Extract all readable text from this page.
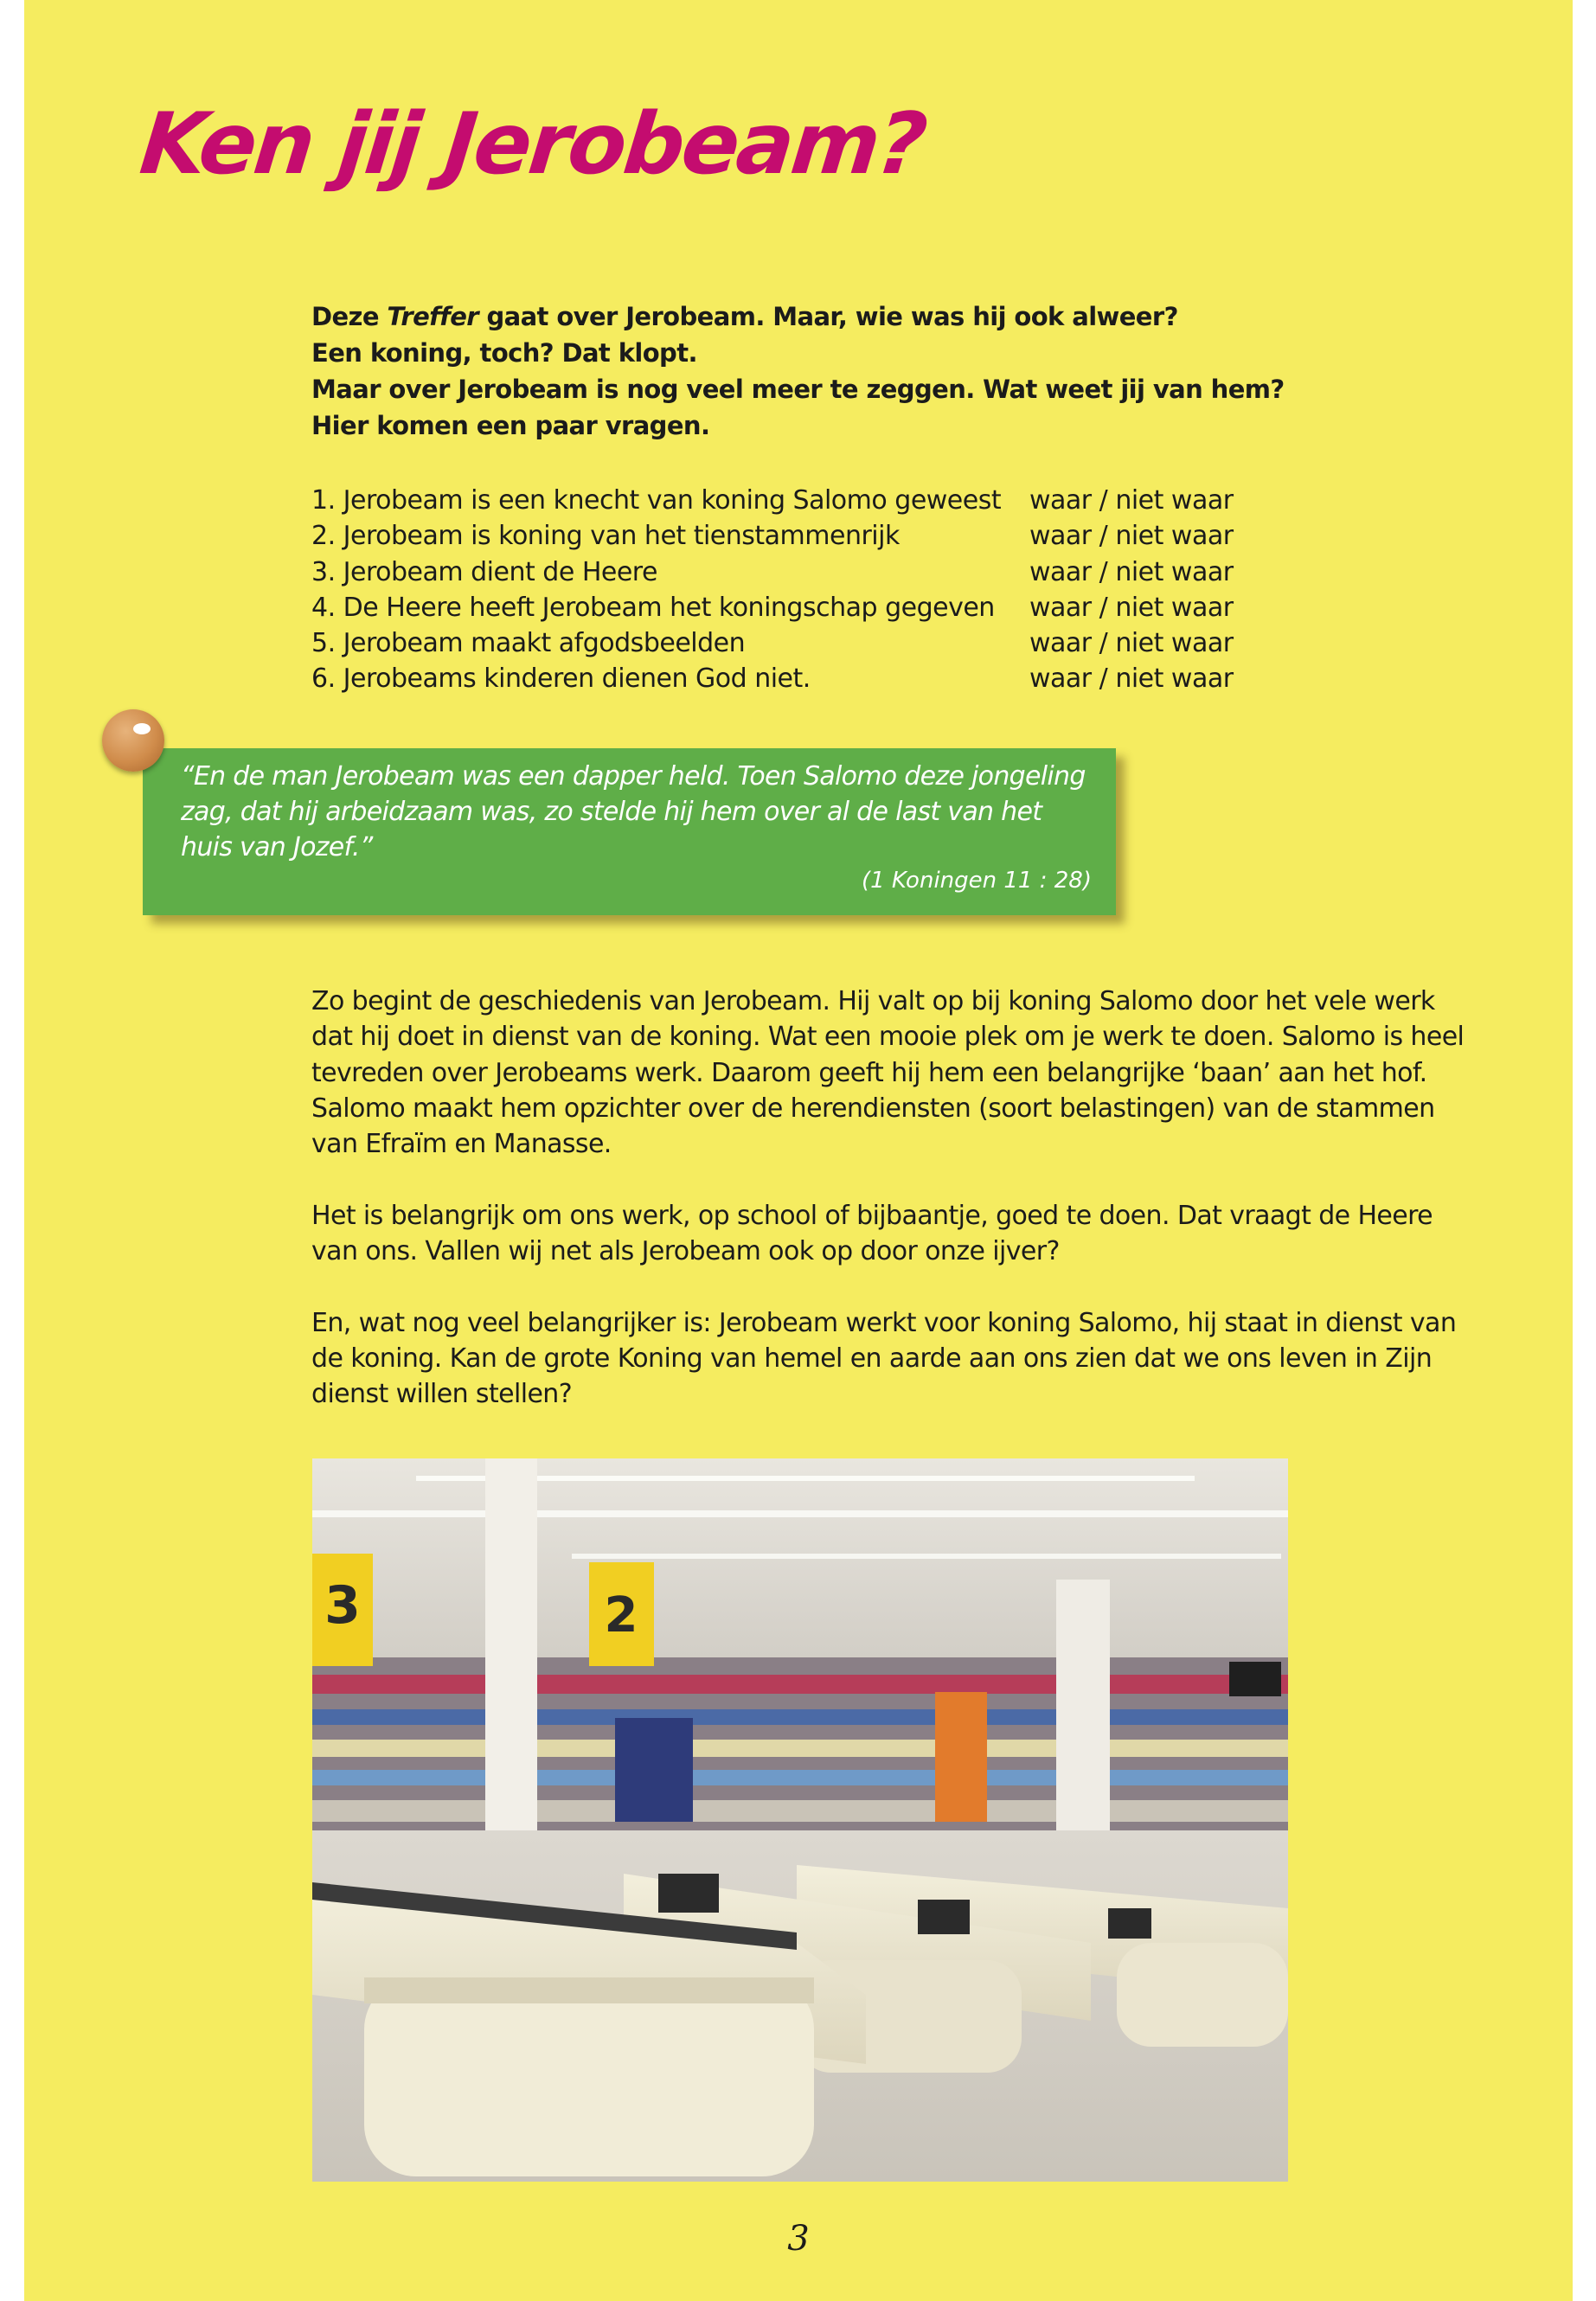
Ken jij Jerobeam?
Deze Treffer gaat over Jerobeam. Maar, wie was hij ook alweer?
Een koning, toch? Dat klopt.
Maar over Jerobeam is nog veel meer te zeggen. Wat weet jij van hem?
Hier komen een paar vragen.
1. Jerobeam is een knecht van koning Salomo geweest waar / niet waar
2. Jerobeam is koning van het tienstammenrijk	waar / niet waar
3. Jerobeam dient de Heere	waar / niet waar
4. De Heere heeft Jerobeam het koningschap gegeven waar / niet waar
5. Jerobeam maakt afgodsbeelden	waar / niet waar
6. Jerobeams kinderen dienen God niet.	waar / niet waar
“En de man Jerobeam was een dapper held. Toen Salomo deze jongeling
zag, dat hij arbeidzaam was, zo stelde hij hem over al de last van het
huis van Jozef.”
(1 Koningen 11 : 28)

Zo begint de geschiedenis van Jerobeam. Hij valt op bij koning Salomo door het vele werk
dat hij doet in dienst van de koning. Wat een mooie plek om je werk te doen. Salomo is heel
tevreden over Jerobeams werk. Daarom geeft hij hem een belangrijke ‘baan’ aan het hof.
Salomo maakt hem opzichter over de herendiensten (soort belastingen) van de stammen
van Efraïm en Manasse.

Het is belangrijk om ons werk, op school of bijbaantje, goed te doen. Dat vraagt de Heere
van ons. Vallen wij net als Jerobeam ook op door onze ijver?

En, wat nog veel belangrijker is: Jerobeam werkt voor koning Salomo, hij staat in dienst van
de koning. Kan de grote Koning van hemel en aarde aan ons zien dat we ons leven in Zijn
dienst willen stellen?

3	2
3
